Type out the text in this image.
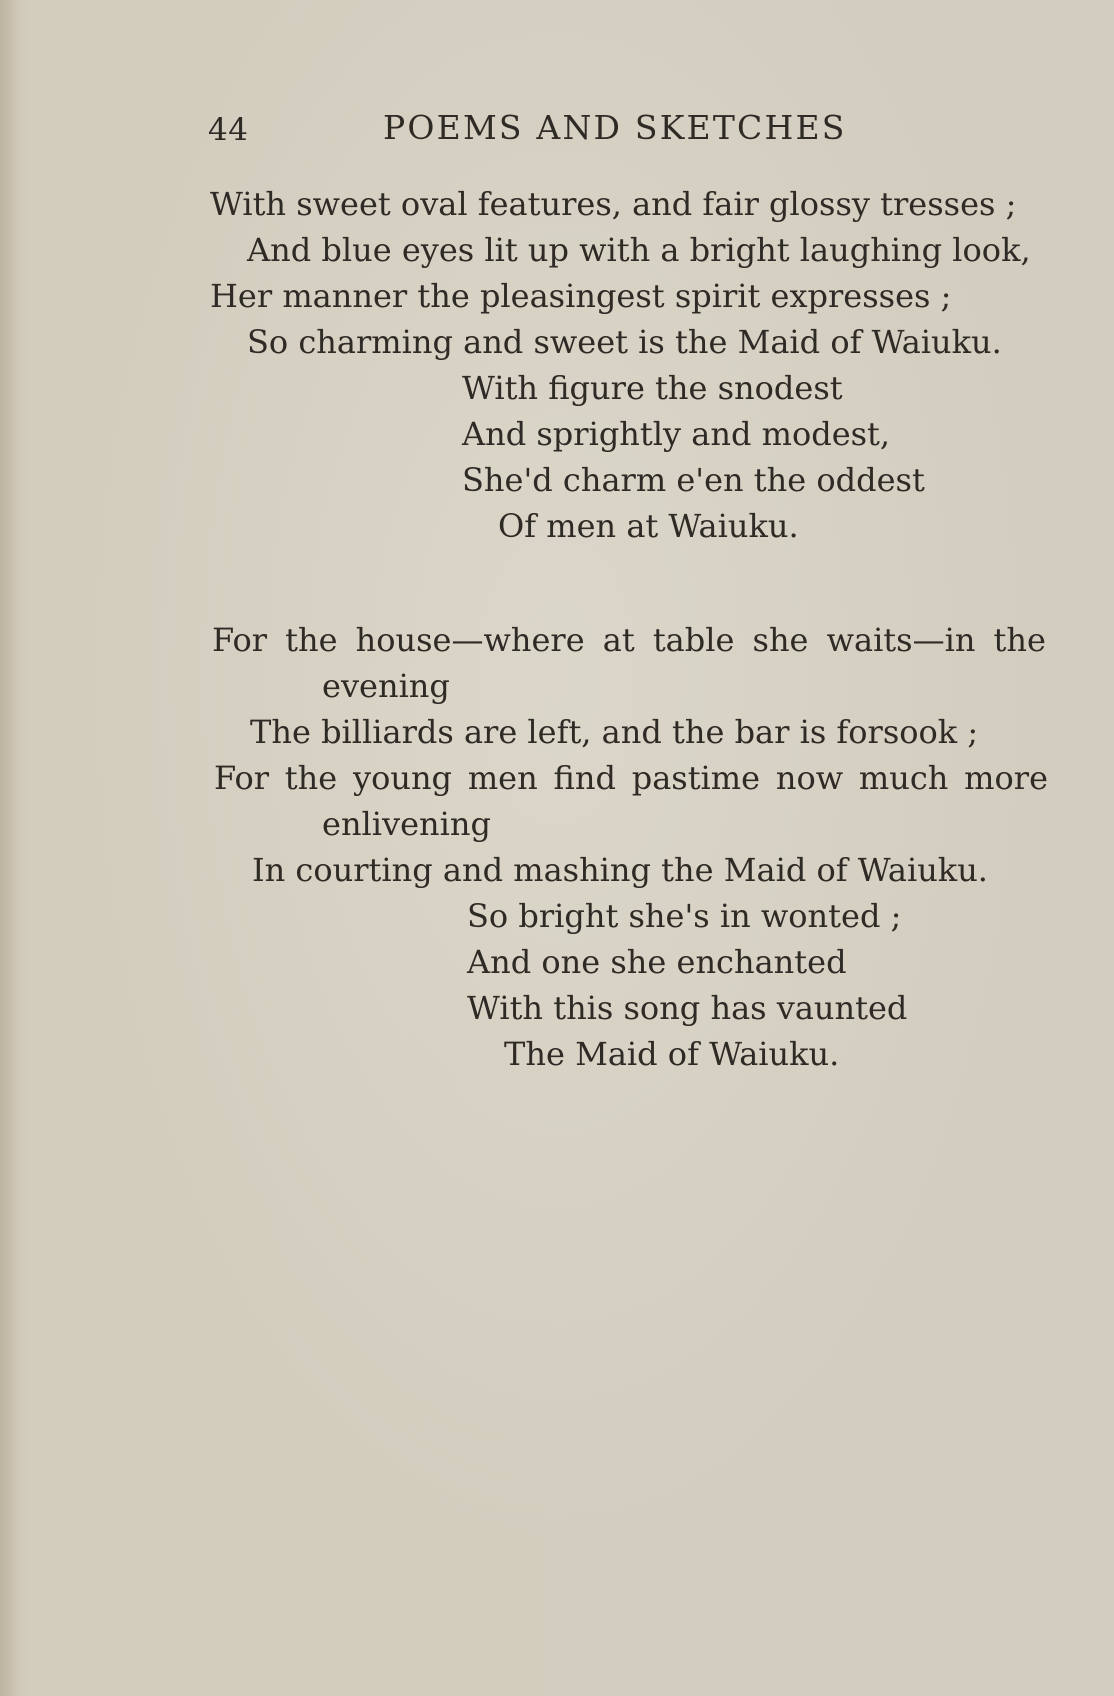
44	POEMS AND SKETCHES
With sweet oval features, and fair glossy tresses ;
And blue eyes lit up with a bright laughing look,
Her manner the pleasingest spirit expresses ;
So charming and sweet is the Maid of Waiuku.
With figure the snodest
And sprightly and modest,
She'd charm e'en the oddest
Of men at Waiuku.
For the house—where at table she waits—in the
evening
The billiards are left, and the bar is forsook ;
For the young men find pastime now much more
enlivening
In courting and mashing the Maid of Waiuku.
So bright she's in wonted ;
And one she enchanted
With this song has vaunted
The Maid of Waiuku.
